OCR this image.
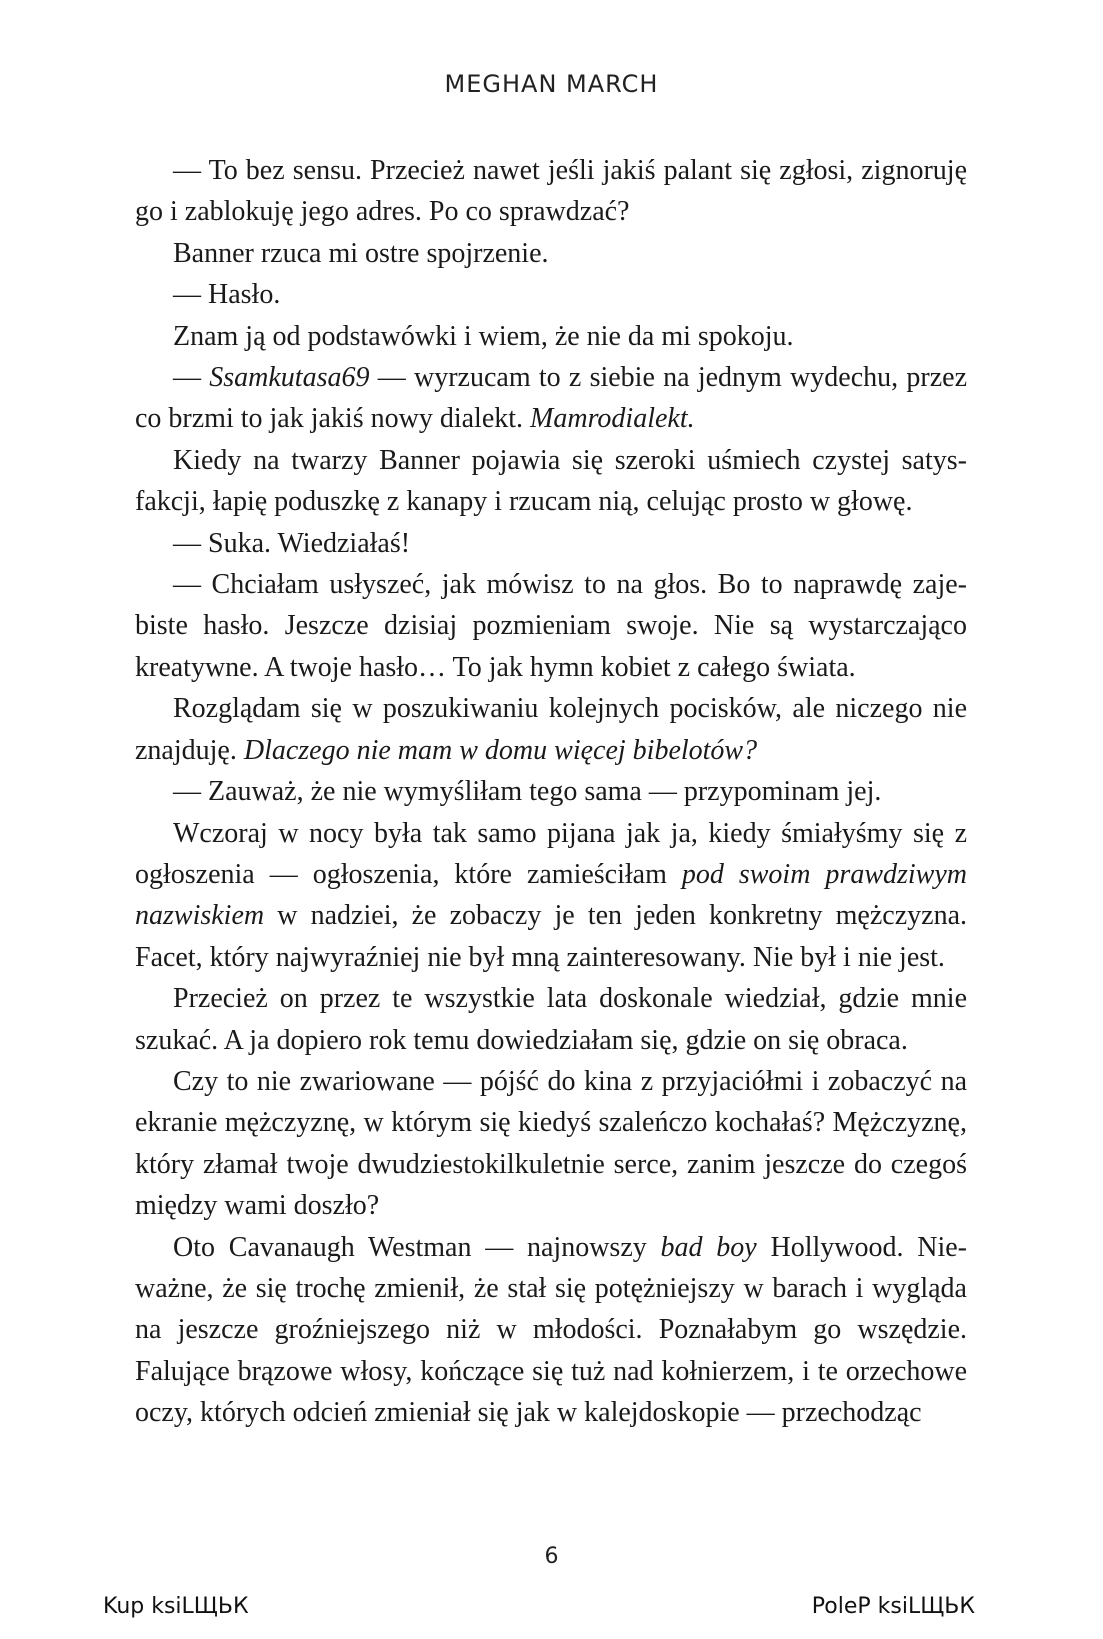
MEGHAN MARCH

— To bez sensu. Przecież nawet jeśli jakiś palant się zgłosi, zignoruję go i zablokuję jego adres. Po co sprawdzać?

Banner rzuca mi ostre spojrzenie.

— Hasło.

Znam ją od podstawówki i wiem, że nie da mi spokoju.

— Ssamkutasa69 — wyrzucam to z siebie na jednym wydechu, przez co brzmi to jak jakiś nowy dialekt. Mamrodialekt.

Kiedy na twarzy Banner pojawia się szeroki uśmiech czystej satysfakcji, łapię poduszkę z kanapy i rzucam nią, celując prosto w głowę.

— Suka. Wiedziałaś!

— Chciałam usłyszeć, jak mówisz to na głos. Bo to naprawdę zajebiste hasło. Jeszcze dzisiaj pozmieniam swoje. Nie są wystarczająco kreatywne. A twoje hasło… To jak hymn kobiet z całego świata.

Rozglądam się w poszukiwaniu kolejnych pocisków, ale niczego nie znajduję. Dlaczego nie mam w domu więcej bibelotów?

— Zauważ, że nie wymyśliłam tego sama — przypominam jej.

Wczoraj w nocy była tak samo pijana jak ja, kiedy śmiałyśmy się z ogłoszenia — ogłoszenia, które zamieściłam pod swoim prawdziwym nazwiskiem w nadziei, że zobaczy je ten jeden konkretny mężczyzna. Facet, który najwyraźniej nie był mną zainteresowany. Nie był i nie jest.

Przecież on przez te wszystkie lata doskonale wiedział, gdzie mnie szukać. A ja dopiero rok temu dowiedziałam się, gdzie on się obraca.

Czy to nie zwariowane — pójść do kina z przyjaciółmi i zobaczyć na ekranie mężczyznę, w którym się kiedyś szaleńczo kochałaś? Mężczyznę, który złamał twoje dwudziestokilkuletnie serce, zanim jeszcze do czegoś między wami doszło?

Oto Cavanaugh Westman — najnowszy bad boy Hollywood. Nieważne, że się trochę zmienił, że stał się potężniejszy w barach i wygląda na jeszcze groźniejszego niż w młodości. Poznałabym go wszędzie. Falujące brązowe włosy, kończące się tuż nad kołnierzem, i te orzechowe oczy, których odcień zmieniał się jak w kalejdoskopie — przechodząc

6
Kup ksiLЩЬК	PoleP ksiLЩЬК
